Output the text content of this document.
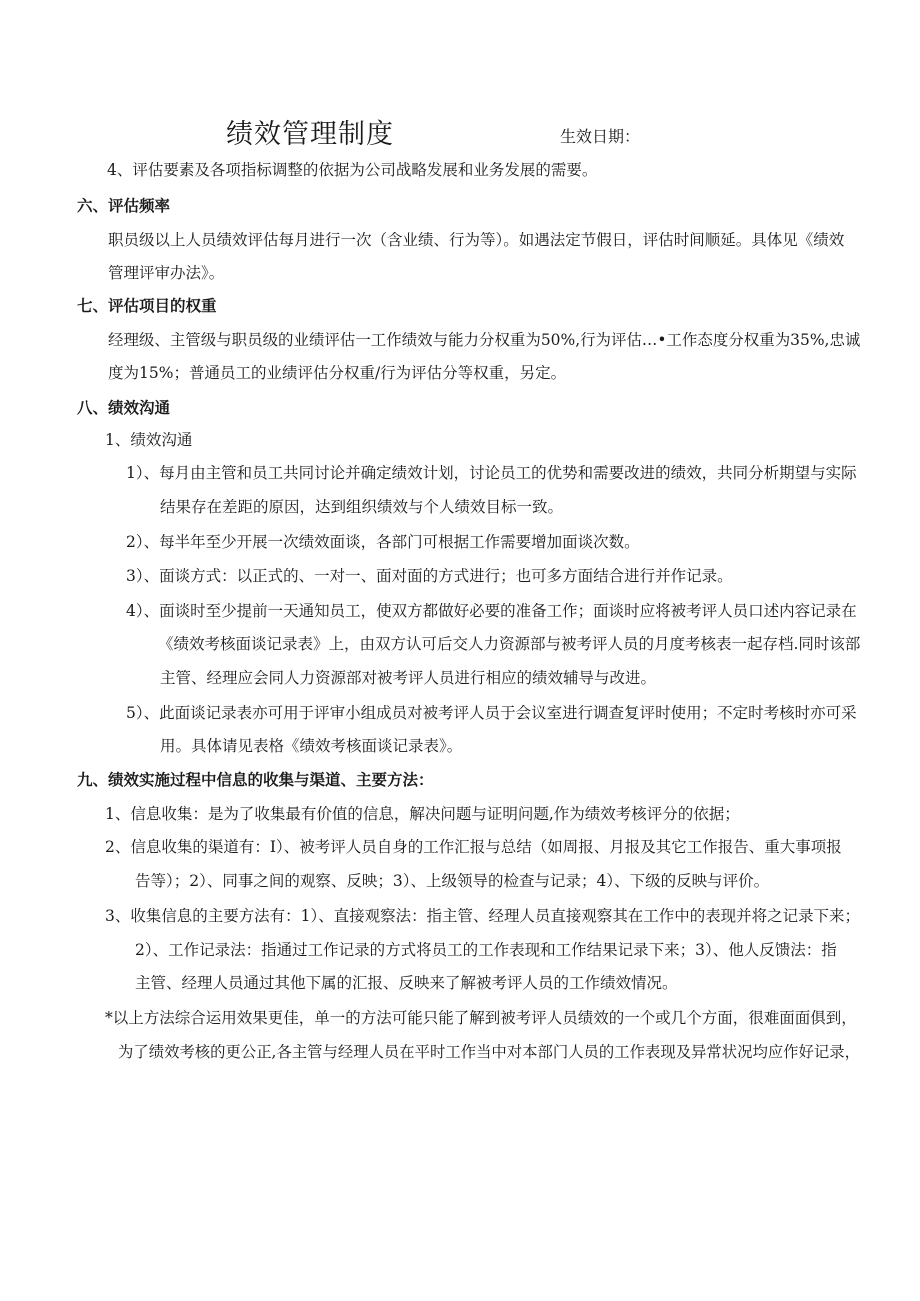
绩效管理制度	生效日期：

4、评估要素及各项指标调整的依据为公司战略发展和业务发展的需要。

六、评估频率

职员级以上人员绩效评估每月进行一次（含业绩、行为等）。如遇法定节假日，评估时间顺延。具体见《绩效

管理评审办法》。

七、评估项目的权重

经理级、主管级与职员级的业绩评估一工作绩效与能力分权重为50%,行为评估…•工作态度分权重为35%,忠诚

度为15%；普通员工的业绩评估分权重/行为评估分等权重，另定。

八、绩效沟通

1、绩效沟通

1）、每月由主管和员工共同讨论并确定绩效计划，讨论员工的优势和需要改进的绩效，共同分析期望与实际

结果存在差距的原因，达到组织绩效与个人绩效目标一致。

2）、每半年至少开展一次绩效面谈，各部门可根据工作需要增加面谈次数。

3）、面谈方式：以正式的、一对一、面对面的方式进行；也可多方面结合进行并作记录。

4）、面谈时至少提前一天通知员工，使双方都做好必要的准备工作；面谈时应将被考评人员口述内容记录在

《绩效考核面谈记录表》上，由双方认可后交人力资源部与被考评人员的月度考核表一起存档.同时该部

主管、经理应会同人力资源部对被考评人员进行相应的绩效辅导与改进。

5）、此面谈记录表亦可用于评审小组成员对被考评人员于会议室进行调查复评时使用；不定时考核时亦可采

用。具体请见表格《绩效考核面谈记录表》。

九、绩效实施过程中信息的收集与渠道、主要方法：

1、信息收集：是为了收集最有价值的信息，解决问题与证明问题,作为绩效考核评分的依据；

2、信息收集的渠道有：I）、被考评人员自身的工作汇报与总结（如周报、月报及其它工作报告、重大事项报

告等）；2）、同事之间的观察、反映；3）、上级领导的检查与记录；4）、下级的反映与评价。

3、收集信息的主要方法有：1）、直接观察法：指主管、经理人员直接观察其在工作中的表现并将之记录下来；

2）、工作记录法：指通过工作记录的方式将员工的工作表现和工作结果记录下来；3）、他人反馈法：指

主管、经理人员通过其他下属的汇报、反映来了解被考评人员的工作绩效情况。

*以上方法综合运用效果更佳，单一的方法可能只能了解到被考评人员绩效的一个或几个方面，很难面面俱到，

为了绩效考核的更公正,各主管与经理人员在平时工作当中对本部门人员的工作表现及异常状况均应作好记录，
